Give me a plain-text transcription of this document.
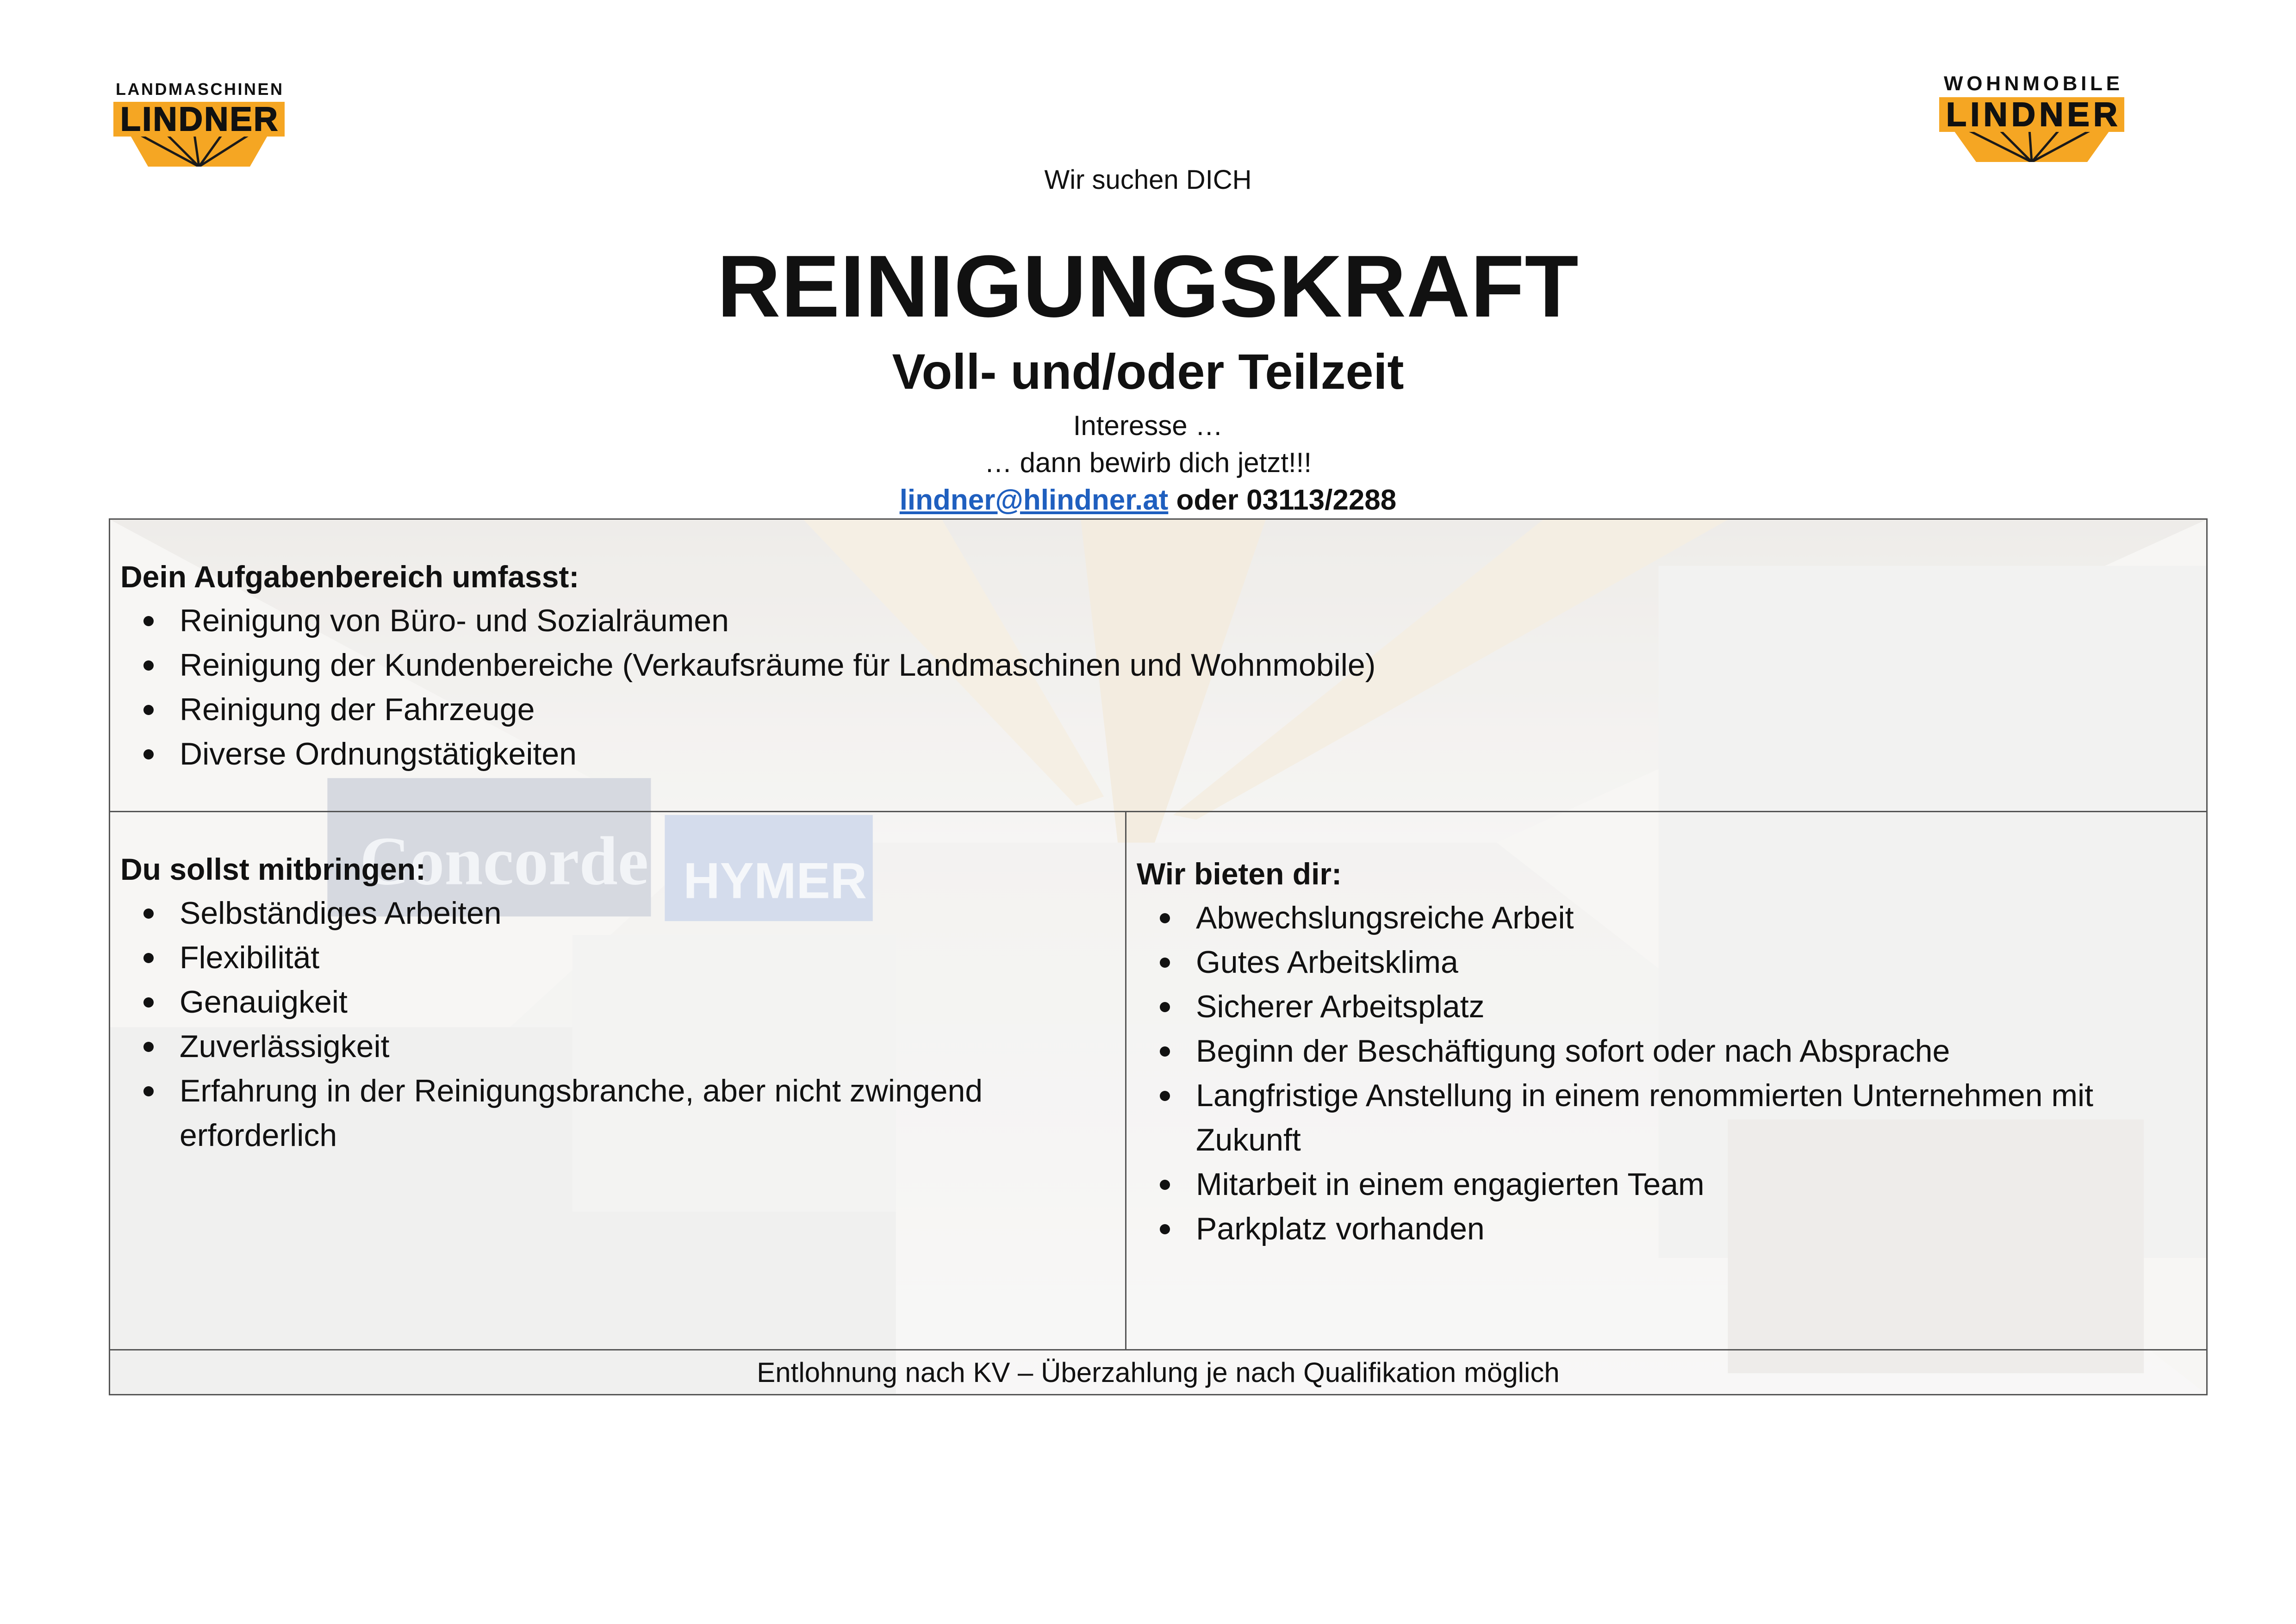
LANDMASCHINEN
LINDNER
WOHNMOBILE
LINDNER
Wir suchen DICH
REINIGUNGSKRAFT
Voll- und/oder Teilzeit
Interesse …
… dann bewirb dich jetzt!!!
lindner@hlindner.at oder 03113/2288
Concorde HYMER
Dein Aufgabenbereich umfasst:
Reinigung von Büro- und Sozialräumen
Reinigung der Kundenbereiche (Verkaufsräume für Landmaschinen und Wohnmobile)
Reinigung der Fahrzeuge
Diverse Ordnungstätigkeiten
Du sollst mitbringen:
Selbständiges Arbeiten
Flexibilität
Genauigkeit
Zuverlässigkeit
Erfahrung in der Reinigungsbranche, aber nicht zwingend erforderlich
Wir bieten dir:
Abwechslungsreiche Arbeit
Gutes Arbeitsklima
Sicherer Arbeitsplatz
Beginn der Beschäftigung sofort oder nach Absprache
Langfristige Anstellung in einem renommierten Unternehmen mit Zukunft
Mitarbeit in einem engagierten Team
Parkplatz vorhanden
Entlohnung nach KV – Überzahlung je nach Qualifikation möglich
